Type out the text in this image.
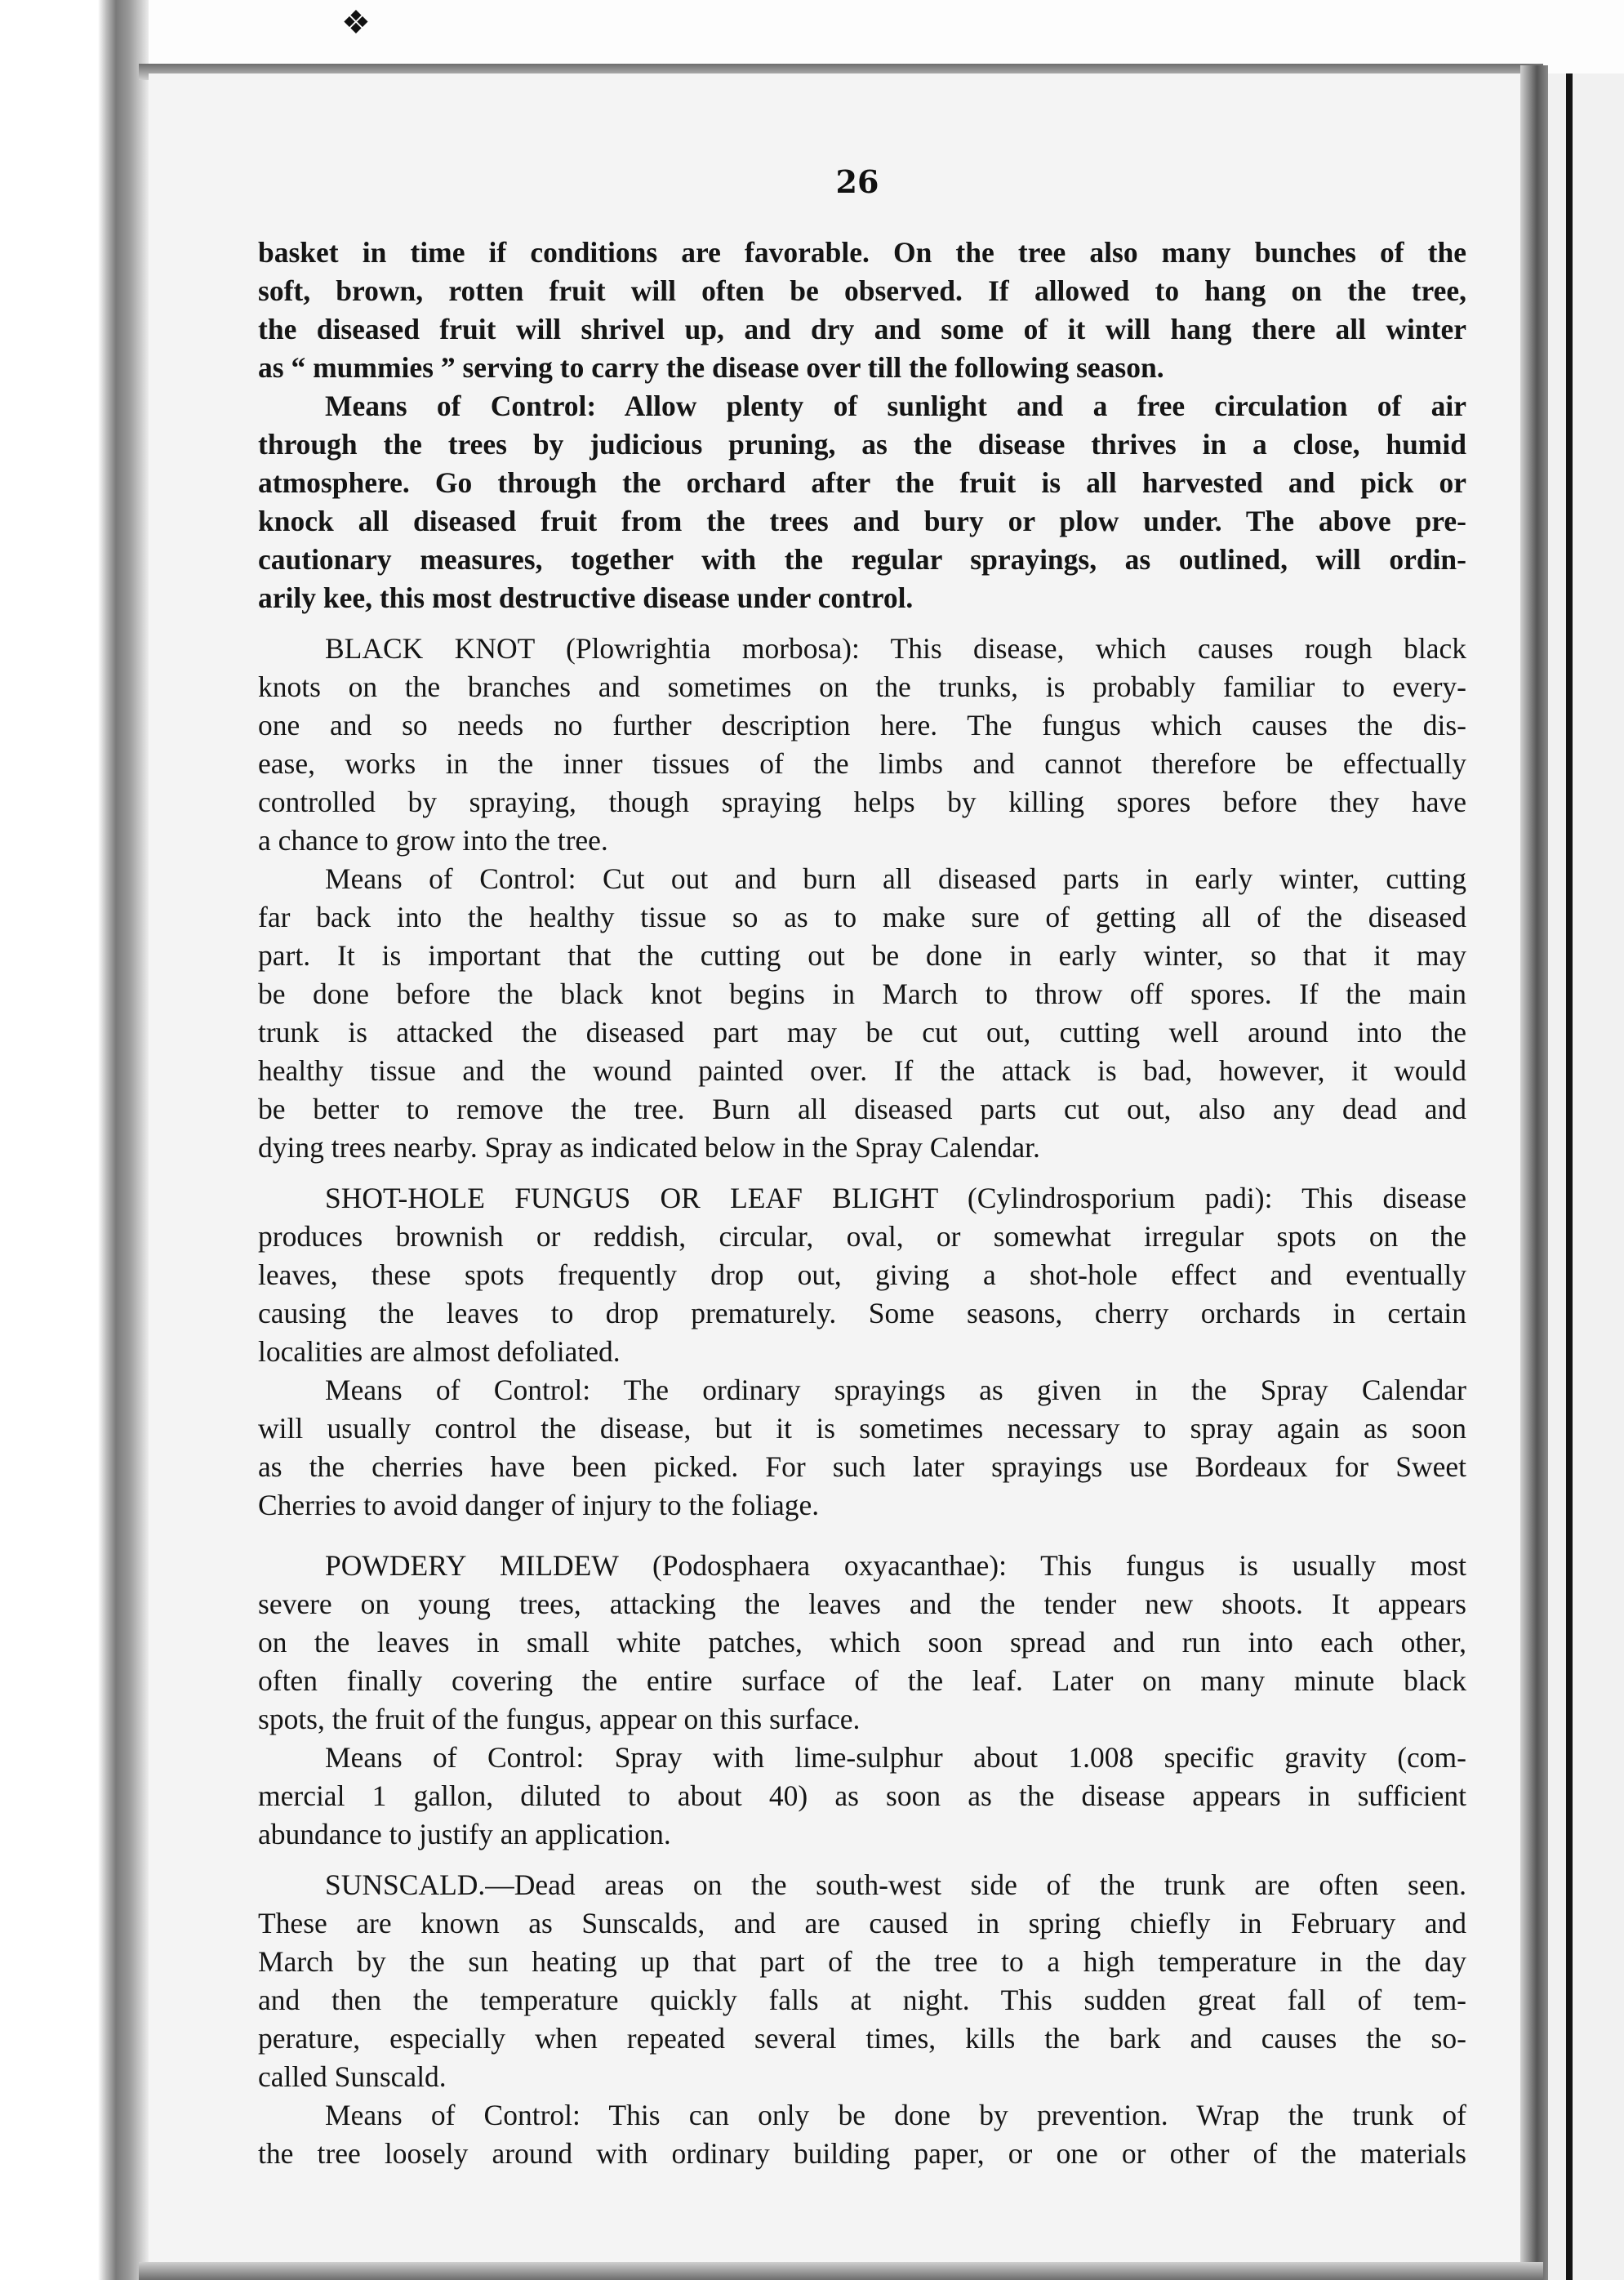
❖
26
basket in time if conditions are favorable. On the tree also many bunches of the
soft, brown, rotten fruit will often be observed. If allowed to hang on the tree,
the diseased fruit will shrivel up, and dry and some of it will hang there all winter
as “ mummies ” serving to carry the disease over till the following season.
Means of Control: Allow plenty of sunlight and a free circulation of air
through the trees by judicious pruning, as the disease thrives in a close, humid
atmosphere. Go through the orchard after the fruit is all harvested and pick or
knock all diseased fruit from the trees and bury or plow under. The above pre-
cautionary measures, together with the regular sprayings, as outlined, will ordin-
arily kee, this most destructive disease under control.
BLACK KNOT (Plowrightia morbosa): This disease, which causes rough black
knots on the branches and sometimes on the trunks, is probably familiar to every-
one and so needs no further description here. The fungus which causes the dis-
ease, works in the inner tissues of the limbs and cannot therefore be effectually
controlled by spraying, though spraying helps by killing spores before they have
a chance to grow into the tree.
Means of Control: Cut out and burn all diseased parts in early winter, cutting
far back into the healthy tissue so as to make sure of getting all of the diseased
part. It is important that the cutting out be done in early winter, so that it may
be done before the black knot begins in March to throw off spores. If the main
trunk is attacked the diseased part may be cut out, cutting well around into the
healthy tissue and the wound painted over. If the attack is bad, however, it would
be better to remove the tree. Burn all diseased parts cut out, also any dead and
dying trees nearby. Spray as indicated below in the Spray Calendar.
SHOT-HOLE FUNGUS OR LEAF BLIGHT (Cylindrosporium padi): This disease
produces brownish or reddish, circular, oval, or somewhat irregular spots on the
leaves, these spots frequently drop out, giving a shot-hole effect and eventually
causing the leaves to drop prematurely. Some seasons, cherry orchards in certain
localities are almost defoliated.
Means of Control: The ordinary sprayings as given in the Spray Calendar
will usually control the disease, but it is sometimes necessary to spray again as soon
as the cherries have been picked. For such later sprayings use Bordeaux for Sweet
Cherries to avoid danger of injury to the foliage.
POWDERY MILDEW (Podosphaera oxyacanthae): This fungus is usually most
severe on young trees, attacking the leaves and the tender new shoots. It appears
on the leaves in small white patches, which soon spread and run into each other,
often finally covering the entire surface of the leaf. Later on many minute black
spots, the fruit of the fungus, appear on this surface.
Means of Control: Spray with lime-sulphur about 1.008 specific gravity (com-
mercial 1 gallon, diluted to about 40) as soon as the disease appears in sufficient
abundance to justify an application.
SUNSCALD.—Dead areas on the south-west side of the trunk are often seen.
These are known as Sunscalds, and are caused in spring chiefly in February and
March by the sun heating up that part of the tree to a high temperature in the day
and then the temperature quickly falls at night. This sudden great fall of tem-
perature, especially when repeated several times, kills the bark and causes the so-
called Sunscald.
Means of Control: This can only be done by prevention. Wrap the trunk of
the tree loosely around with ordinary building paper, or one or other of the materials
